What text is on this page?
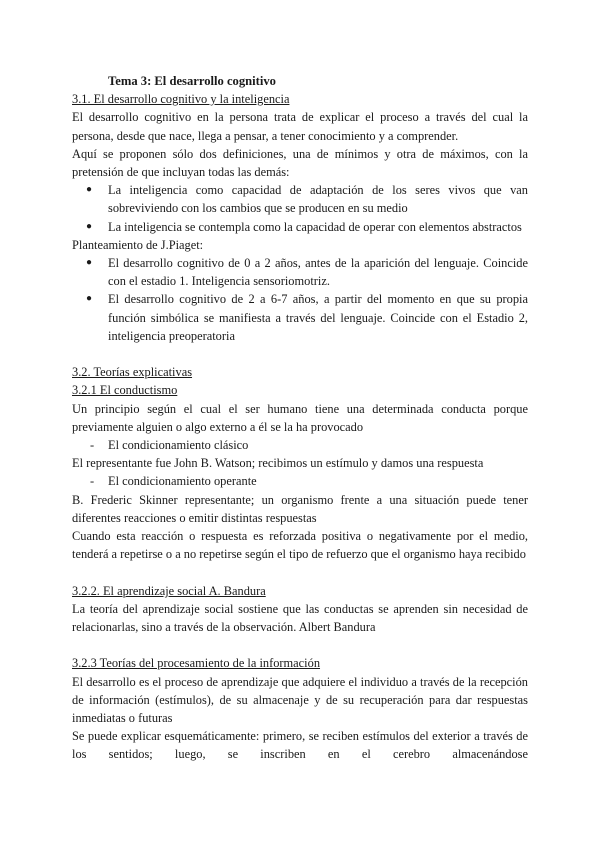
Tema 3: El desarrollo cognitivo

3.1. El desarrollo cognitivo y la inteligencia

El desarrollo cognitivo en la persona trata de explicar el proceso a través del cual la persona, desde que nace, llega a pensar, a tener conocimiento y a comprender.

Aquí se proponen sólo dos definiciones, una de mínimos y otra de máximos, con la pretensión de que incluyan todas las demás:

● La inteligencia como capacidad de adaptación de los seres vivos que van sobreviviendo con los cambios que se producen en su medio
● La inteligencia se contempla como la capacidad de operar con elementos abstractos

Planteamiento de J.Piaget:

● El desarrollo cognitivo de 0 a 2 años, antes de la aparición del lenguaje. Coincide con el estadio 1. Inteligencia sensoriomotriz.
● El desarrollo cognitivo de 2 a 6-7 años, a partir del momento en que su propia función simbólica se manifiesta a través del lenguaje. Coincide con el Estadio 2, inteligencia preoperatoria

3.2. Teorías explicativas

3.2.1 El conductismo

Un principio según el cual el ser humano tiene una determinada conducta porque previamente alguien o algo externo a él se la ha provocado

- El condicionamiento clásico

El representante fue John B. Watson; recibimos un estímulo y damos una respuesta

- El condicionamiento operante

B. Frederic Skinner representante; un organismo frente a una situación puede tener diferentes reacciones o emitir distintas respuestas

Cuando esta reacción o respuesta es reforzada positiva o negativamente por el medio, tenderá a repetirse o a no repetirse según el tipo de refuerzo que el organismo haya recibido

3.2.2. El aprendizaje social A. Bandura

La teoría del aprendizaje social sostiene que las conductas se aprenden sin necesidad de relacionarlas, sino a través de la observación. Albert Bandura

3.2.3 Teorías del procesamiento de la información

El desarrollo es el proceso de aprendizaje que adquiere el individuo a través de la recepción de información (estímulos), de su almacenaje y de su recuperación para dar respuestas inmediatas o futuras

Se puede explicar esquemáticamente: primero, se reciben estímulos del exterior a través de los sentidos; luego, se inscriben en el cerebro almacenándose
